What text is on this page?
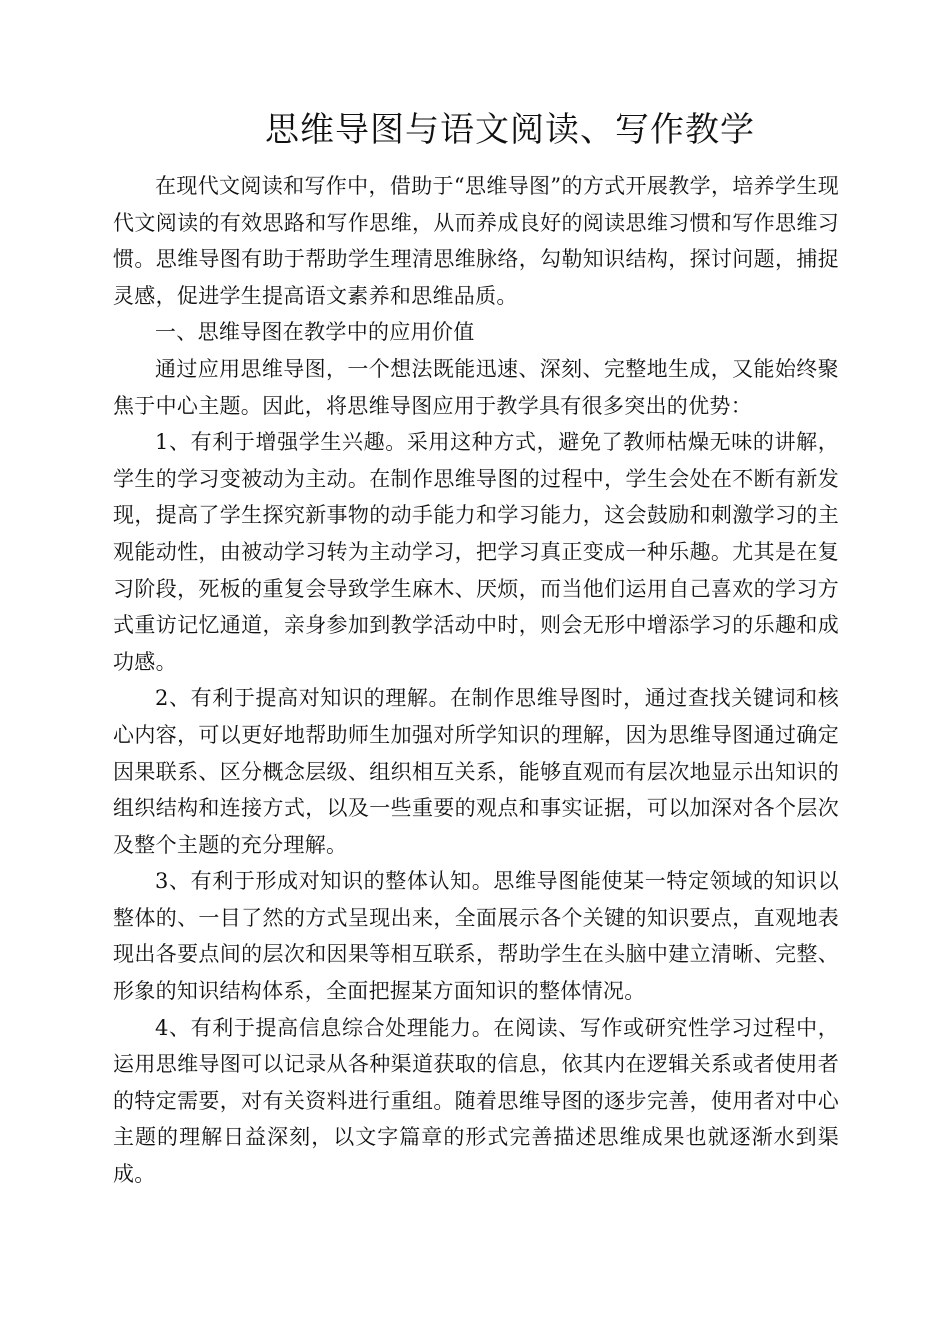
思维导图与语文阅读、写作教学

在现代文阅读和写作中，借助于“思维导图”的方式开展教学，培养学生现代文阅读的有效思路和写作思维，从而养成良好的阅读思维习惯和写作思维习惯。思维导图有助于帮助学生理清思维脉络，勾勒知识结构，探讨问题，捕捉灵感，促进学生提高语文素养和思维品质。

一、思维导图在教学中的应用价值

通过应用思维导图，一个想法既能迅速、深刻、完整地生成，又能始终聚焦于中心主题。因此，将思维导图应用于教学具有很多突出的优势：

1、有利于增强学生兴趣。采用这种方式，避免了教师枯燥无味的讲解，学生的学习变被动为主动。在制作思维导图的过程中，学生会处在不断有新发现，提高了学生探究新事物的动手能力和学习能力，这会鼓励和刺激学习的主观能动性，由被动学习转为主动学习，把学习真正变成一种乐趣。尤其是在复习阶段，死板的重复会导致学生麻木、厌烦，而当他们运用自己喜欢的学习方式重访记忆通道，亲身参加到教学活动中时，则会无形中增添学习的乐趣和成功感。

2、有利于提高对知识的理解。在制作思维导图时，通过查找关键词和核心内容，可以更好地帮助师生加强对所学知识的理解，因为思维导图通过确定因果联系、区分概念层级、组织相互关系，能够直观而有层次地显示出知识的组织结构和连接方式，以及一些重要的观点和事实证据，可以加深对各个层次及整个主题的充分理解。

3、有利于形成对知识的整体认知。思维导图能使某一特定领域的知识以整体的、一目了然的方式呈现出来，全面展示各个关键的知识要点，直观地表现出各要点间的层次和因果等相互联系，帮助学生在头脑中建立清晰、完整、形象的知识结构体系，全面把握某方面知识的整体情况。

4、有利于提高信息综合处理能力。在阅读、写作或研究性学习过程中，运用思维导图可以记录从各种渠道获取的信息，依其内在逻辑关系或者使用者的特定需要，对有关资料进行重组。随着思维导图的逐步完善，使用者对中心主题的理解日益深刻，以文字篇章的形式完善描述思维成果也就逐渐水到渠成。
